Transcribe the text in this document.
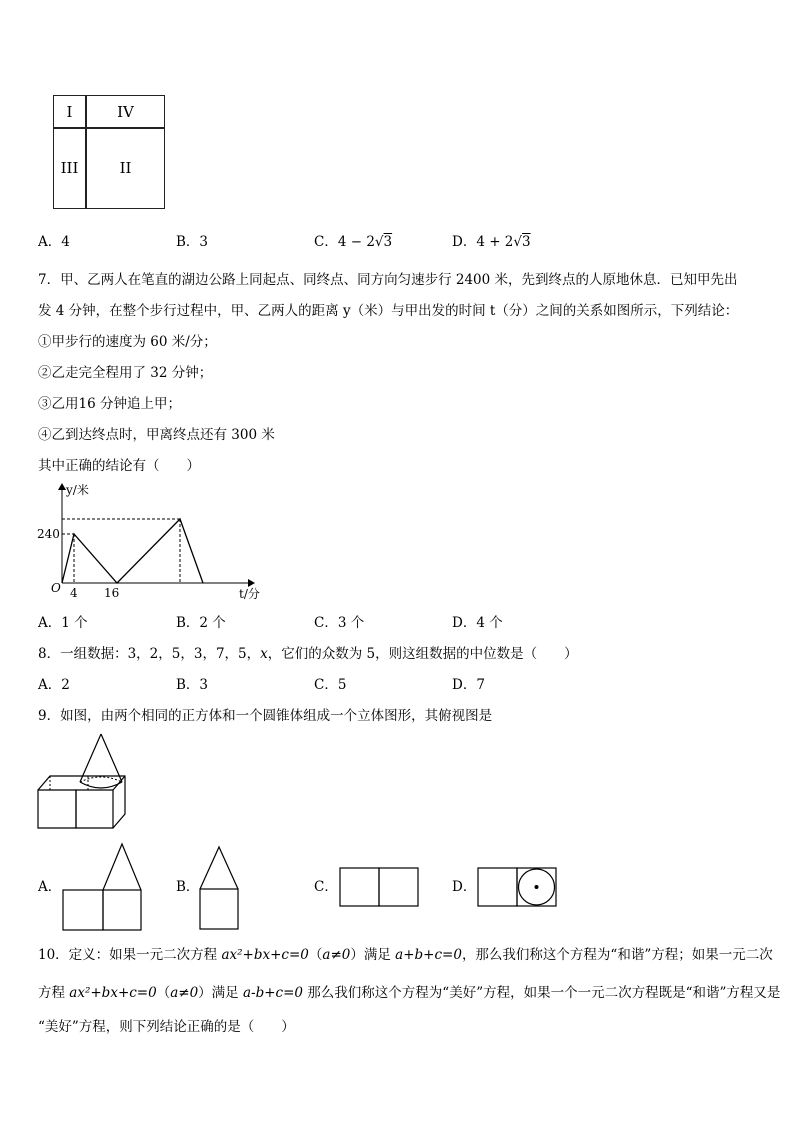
I	IV
III	II
A．4	B．3	C．4 − 2√3	D．4 + 2√3
7．甲、乙两人在笔直的湖边公路上同起点、同终点、同方向匀速步行 2400 米，先到终点的人原地休息．已知甲先出
发 4 分钟，在整个步行过程中，甲、乙两人的距离 y（米）与甲出发的时间 t（分）之间的关系如图所示，下列结论：
①甲步行的速度为 60 米/分；
②乙走完全程用了 32 分钟；
③乙用16 分钟追上甲；
④乙到达终点时，甲离终点还有 300 米
其中正确的结论有（　　）
y/米
t/分
O
240
4 16
A．1 个	B．2 个	C．3 个	D．4 个
8．一组数据：3，2，5，3，7，5，x，它们的众数为 5，则这组数据的中位数是（　　）
A．2	B．3	C．5	D．7
9．如图，由两个相同的正方体和一个圆锥体组成一个立体图形，其俯视图是
A．	B．	C．	D．
10．定义：如果一元二次方程 ax²+bx+c=0（a≠0）满足 a+b+c=0，那么我们称这个方程为“和谐”方程；如果一元二次
方程 ax²+bx+c=0（a≠0）满足 a-b+c=0 那么我们称这个方程为“美好”方程，如果一个一元二次方程既是“和谐”方程又是
“美好”方程，则下列结论正确的是（　　）
